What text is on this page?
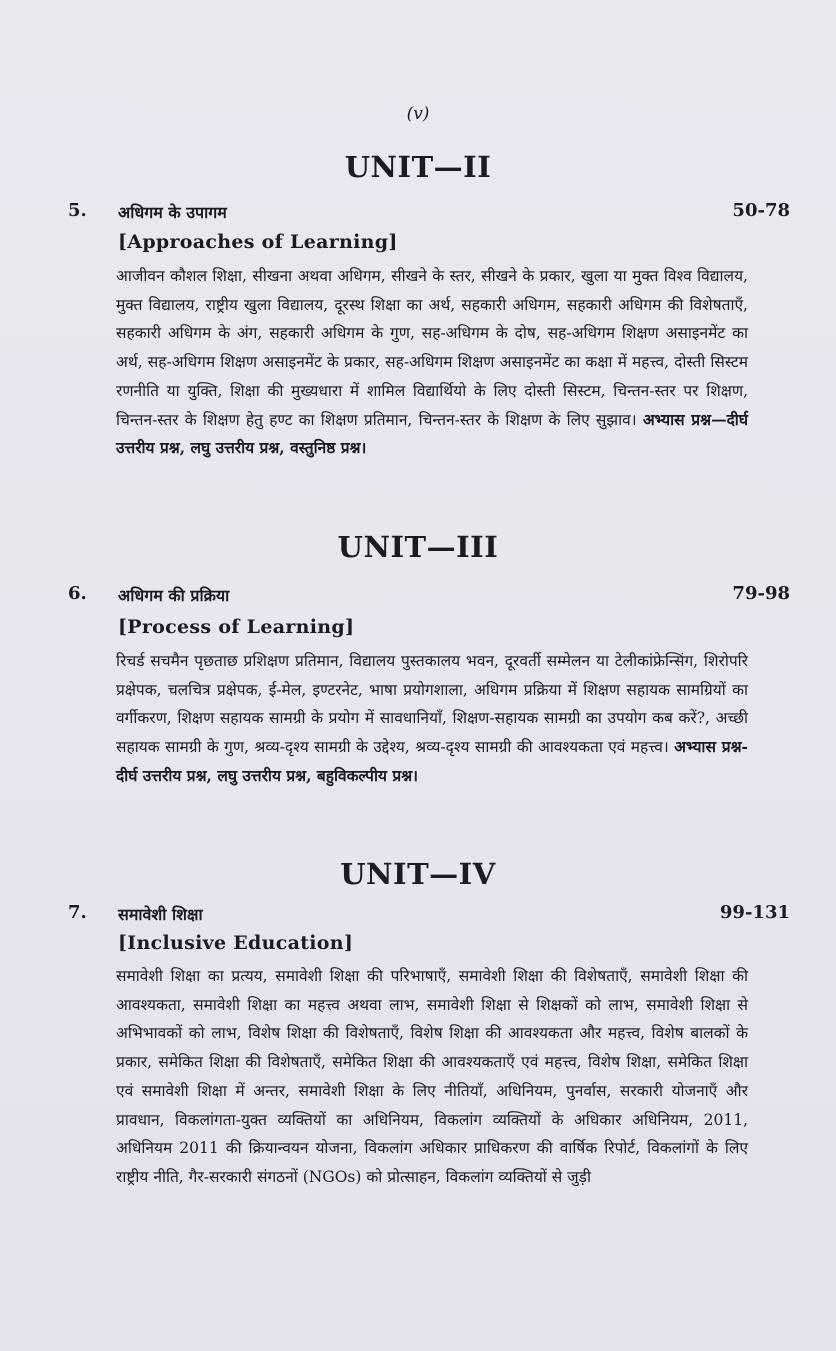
(v)
UNIT—II
5. अधिगम के उपागम	50-78
[Approaches of Learning]
आजीवन कौशल शिक्षा, सीखना अथवा अधिगम, सीखने के स्तर, सीखने के प्रकार, खुला या मुक्त विश्व विद्यालय, मुक्त विद्यालय, राष्ट्रीय खुला विद्यालय, दूरस्थ शिक्षा का अर्थ, सहकारी अधिगम, सहकारी अधिगम की विशेषताएँ, सहकारी अधिगम के अंग, सहकारी अधिगम के गुण, सह-अधिगम के दोष, सह-अधिगम शिक्षण असाइनमेंट का अर्थ, सह-अधिगम शिक्षण असाइनमेंट के प्रकार, सह-अधिगम शिक्षण असाइनमेंट का कक्षा में महत्त्व, दोस्ती सिस्टम रणनीति या युक्ति, शिक्षा की मुख्यधारा में शामिल विद्यार्थियो के लिए दोस्ती सिस्टम, चिन्तन-स्तर पर शिक्षण, चिन्तन-स्तर के शिक्षण हेतु हण्ट का शिक्षण प्रतिमान, चिन्तन-स्तर के शिक्षण के लिए सुझाव। अभ्यास प्रश्न—दीर्घ उत्तरीय प्रश्न, लघु उत्तरीय प्रश्न, वस्तुनिष्ठ प्रश्न।
UNIT—III
6. अधिगम की प्रक्रिया	79-98
[Process of Learning]
रिचर्ड सचमैन पृछताछ प्रशिक्षण प्रतिमान, विद्यालय पुस्तकालय भवन, दूरवर्ती सम्मेलन या टेलीकांफ्रेन्सिंग, शिरोपरि प्रक्षेपक, चलचित्र प्रक्षेपक, ई-मेल, इण्टरनेट, भाषा प्रयोगशाला, अधिगम प्रक्रिया में शिक्षण सहायक सामग्रियों का वर्गीकरण, शिक्षण सहायक सामग्री के प्रयोग में सावधानियाँ, शिक्षण-सहायक सामग्री का उपयोग कब करें?, अच्छी सहायक सामग्री के गुण, श्रव्य-दृश्य सामग्री के उद्देश्य, श्रव्य-दृश्य सामग्री की आवश्यकता एवं महत्त्व। अभ्यास प्रश्न-दीर्घ उत्तरीय प्रश्न, लघु उत्तरीय प्रश्न, बहुविकल्पीय प्रश्न।
UNIT—IV
7. समावेशी शिक्षा	99-131
[Inclusive Education]
समावेशी शिक्षा का प्रत्यय, समावेशी शिक्षा की परिभाषाएँ, समावेशी शिक्षा की विशेषताएँ, समावेशी शिक्षा की आवश्यकता, समावेशी शिक्षा का महत्त्व अथवा लाभ, समावेशी शिक्षा से शिक्षकों को लाभ, समावेशी शिक्षा से अभिभावकों को लाभ, विशेष शिक्षा की विशेषताएँ, विशेष शिक्षा की आवश्यकता और महत्त्व, विशेष बालकों के प्रकार, समेकित शिक्षा की विशेषताएँ, समेकित शिक्षा की आवश्यकताएँ एवं महत्त्व, विशेष शिक्षा, समेकित शिक्षा एवं समावेशी शिक्षा में अन्तर, समावेशी शिक्षा के लिए नीतियाँ, अधिनियम, पुनर्वास, सरकारी योजनाएँ और प्रावधान, विकलांगता-युक्त व्यक्तियों का अधिनियम, विकलांग व्यक्तियों के अधिकार अधिनियम, 2011, अधिनियम 2011 की क्रियान्वयन योजना, विकलांग अधिकार प्राधिकरण की वार्षिक रिपोर्ट, विकलांगों के लिए राष्ट्रीय नीति, गैर-सरकारी संगठनों (NGOs) को प्रोत्साहन, विकलांग व्यक्तियों से जुड़ी
